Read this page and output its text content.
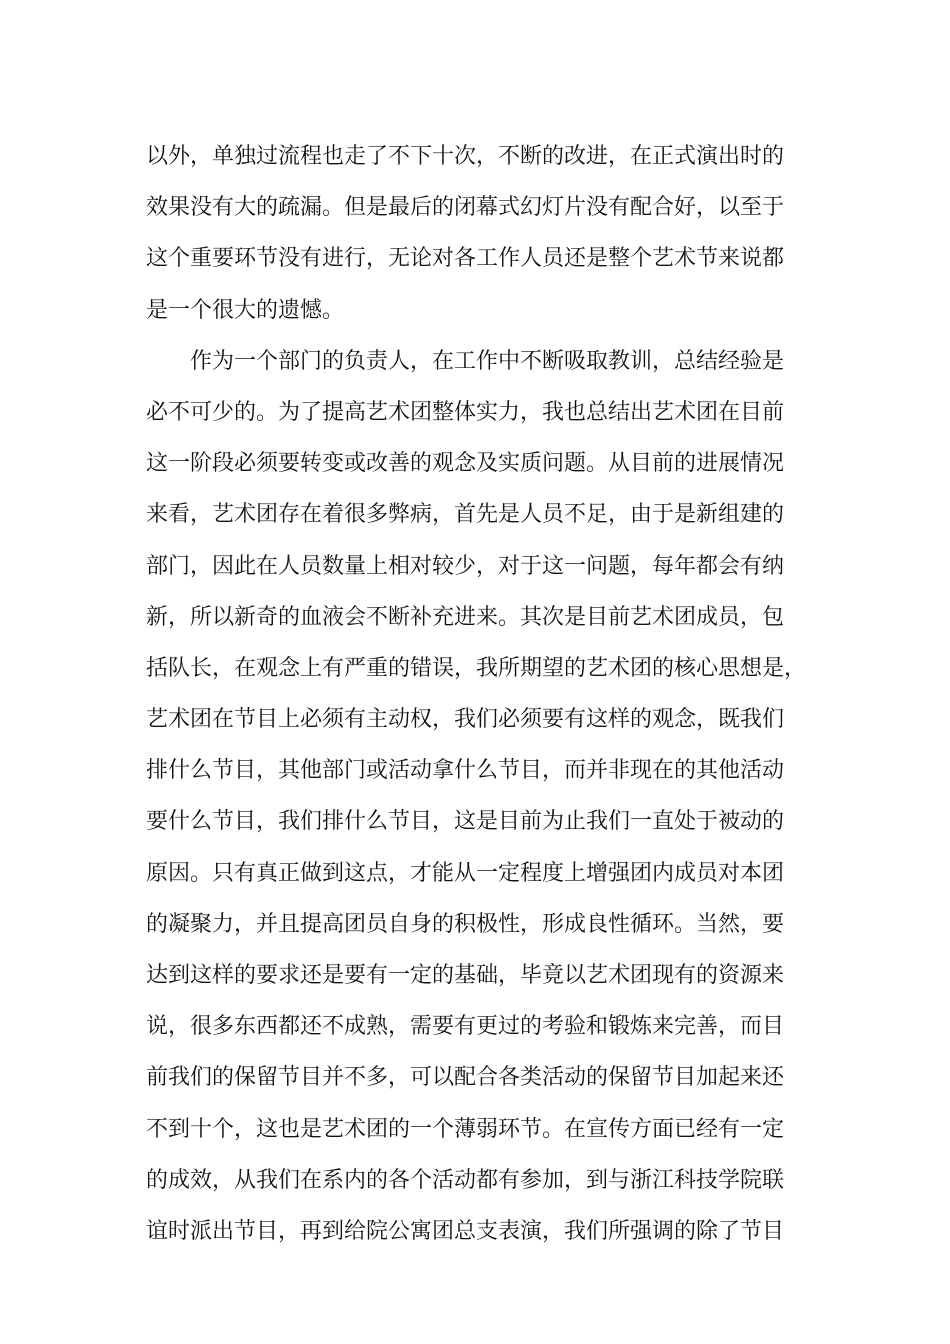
以外，单独过流程也走了不下十次，不断的改进，在正式演出时的
效果没有大的疏漏。但是最后的闭幕式幻灯片没有配合好，以至于
这个重要环节没有进行，无论对各工作人员还是整个艺术节来说都
是一个很大的遗憾。
作为一个部门的负责人，在工作中不断吸取教训，总结经验是
必不可少的。为了提高艺术团整体实力，我也总结出艺术团在目前
这一阶段必须要转变或改善的观念及实质问题。从目前的进展情况
来看，艺术团存在着很多弊病，首先是人员不足，由于是新组建的
部门，因此在人员数量上相对较少，对于这一问题，每年都会有纳
新，所以新奇的血液会不断补充进来。其次是目前艺术团成员，包
括队长，在观念上有严重的错误，我所期望的艺术团的核心思想是，
艺术团在节目上必须有主动权，我们必须要有这样的观念，既我们
排什么节目，其他部门或活动拿什么节目，而并非现在的其他活动
要什么节目，我们排什么节目，这是目前为止我们一直处于被动的
原因。只有真正做到这点，才能从一定程度上增强团内成员对本团
的凝聚力，并且提高团员自身的积极性，形成良性循环。当然，要
达到这样的要求还是要有一定的基础，毕竟以艺术团现有的资源来
说，很多东西都还不成熟，需要有更过的考验和锻炼来完善，而目
前我们的保留节目并不多，可以配合各类活动的保留节目加起来还
不到十个，这也是艺术团的一个薄弱环节。在宣传方面已经有一定
的成效，从我们在系内的各个活动都有参加，到与浙江科技学院联
谊时派出节目，再到给院公寓团总支表演，我们所强调的除了节目
